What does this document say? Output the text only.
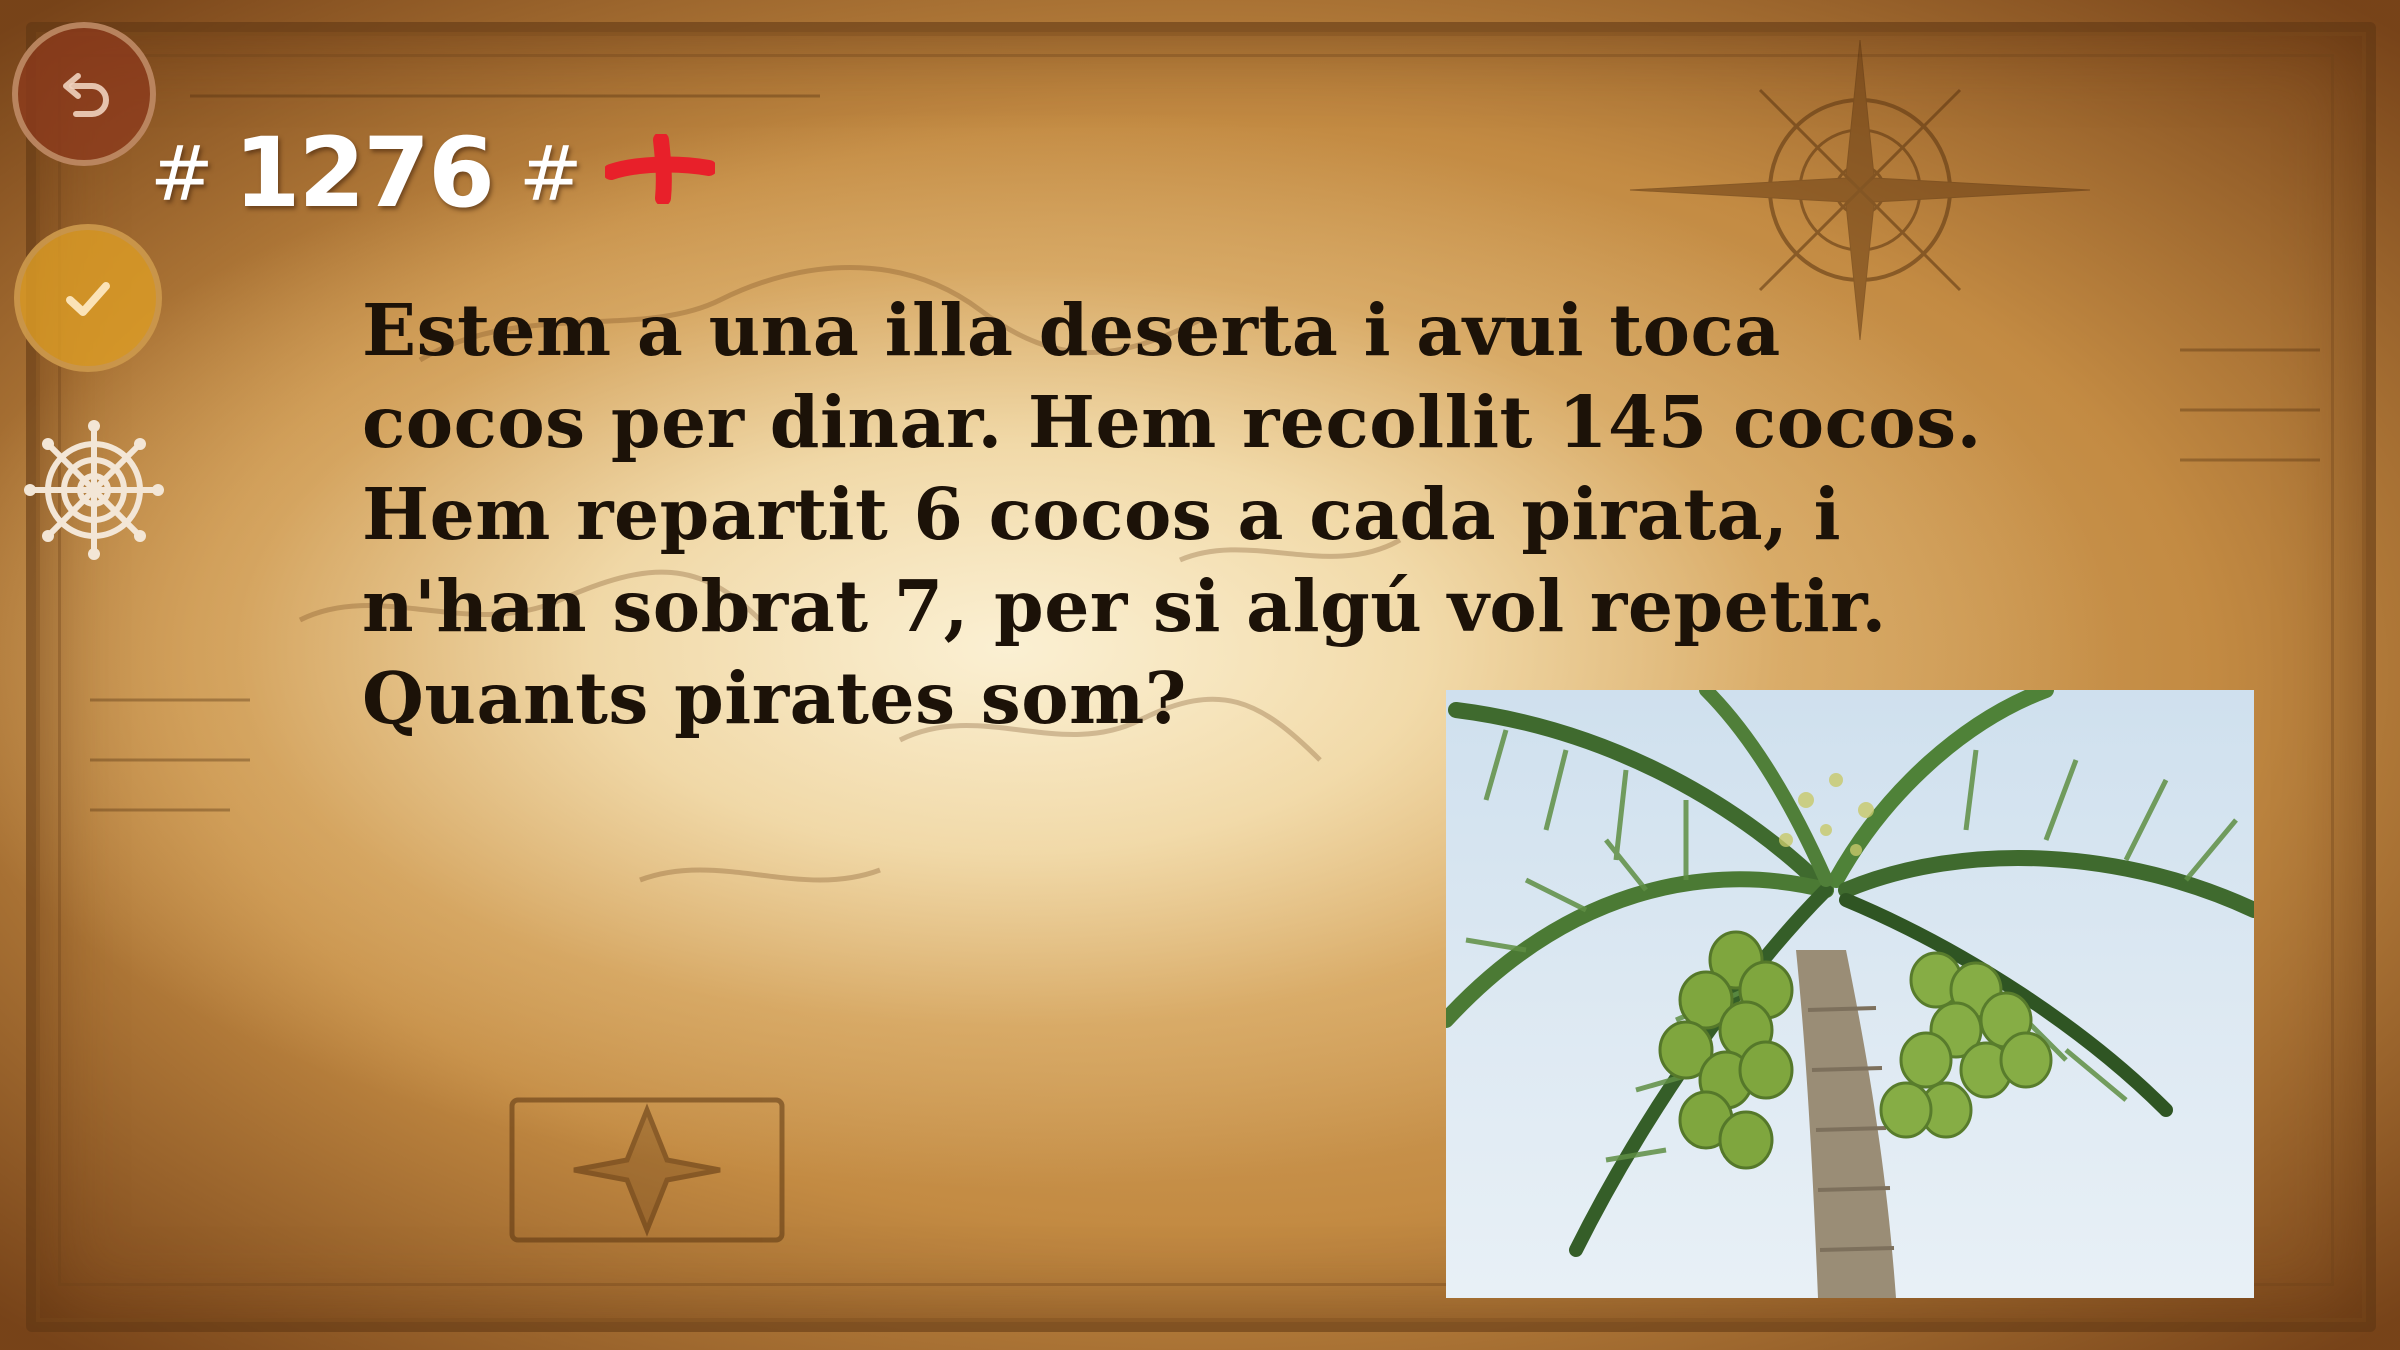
# 1276 #
Estem a una illa deserta i avui toca cocos per dinar. Hem recollit 145 cocos. Hem repartit 6 cocos a cada pirata, i n'han sobrat 7, per si algú vol repetir. Quants pirates som?
